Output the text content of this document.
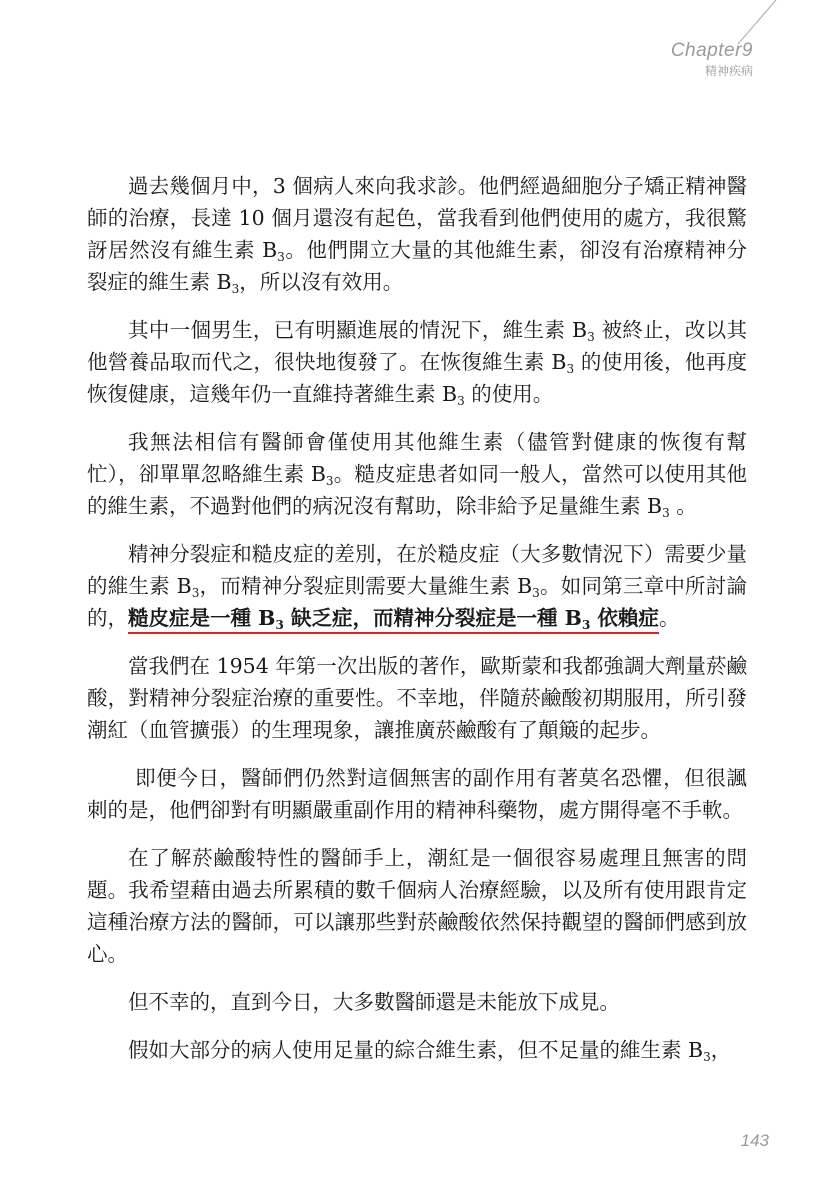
Chapter9
精神疾病

過去幾個月中，3 個病人來向我求診。他們經過細胞分子矯正精神醫師的治療，長達 10 個月還沒有起色，當我看到他們使用的處方，我很驚訝居然沒有維生素 $B_3$。他們開立大量的其他維生素，卻沒有治療精神分裂症的維生素 $B_3$，所以沒有效用。

其中一個男生，已有明顯進展的情況下，維生素 $B_3$ 被終止，改以其他營養品取而代之，很快地復發了。在恢復維生素 $B_3$ 的使用後，他再度恢復健康，這幾年仍一直維持著維生素 $B_3$ 的使用。

我無法相信有醫師會僅使用其他維生素（儘管對健康的恢復有幫忙），卻單單忽略維生素 $B_3$。糙皮症患者如同一般人，當然可以使用其他的維生素，不過對他們的病況沒有幫助，除非給予足量維生素 $B_3$ 。

精神分裂症和糙皮症的差別，在於糙皮症（大多數情況下）需要少量的維生素 $B_3$，而精神分裂症則需要大量維生素 $B_3$。如同第三章中所討論的，糙皮症是一種 $B_3$ 缺乏症，而精神分裂症是一種 $B_3$ 依賴症。

當我們在 1954 年第一次出版的著作，歐斯蒙和我都強調大劑量菸鹼酸，對精神分裂症治療的重要性。不幸地，伴隨菸鹼酸初期服用，所引發潮紅（血管擴張）的生理現象，讓推廣菸鹼酸有了顛簸的起步。

即便今日，醫師們仍然對這個無害的副作用有著莫名恐懼，但很諷刺的是，他們卻對有明顯嚴重副作用的精神科藥物，處方開得毫不手軟。

在了解菸鹼酸特性的醫師手上，潮紅是一個很容易處理且無害的問題。我希望藉由過去所累積的數千個病人治療經驗，以及所有使用跟肯定這種治療方法的醫師，可以讓那些對菸鹼酸依然保持觀望的醫師們感到放心。

但不幸的，直到今日，大多數醫師還是未能放下成見。

假如大部分的病人使用足量的綜合維生素，但不足量的維生素 $B_3$，

143
